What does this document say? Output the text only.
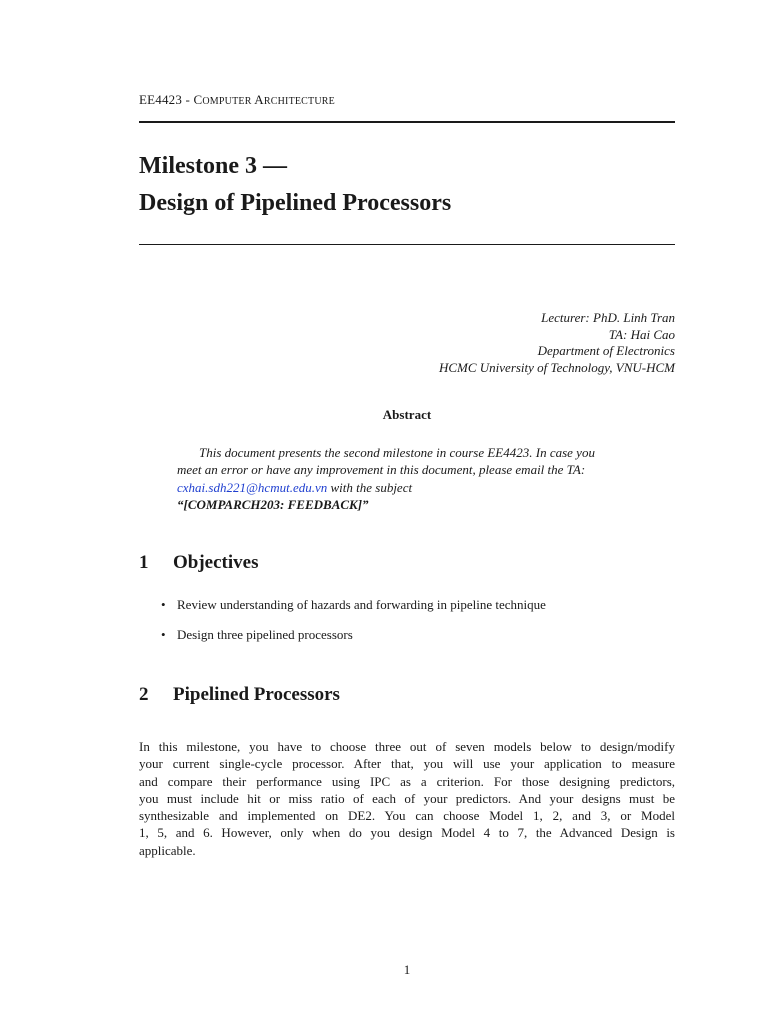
EE4423 - COMPUTER ARCHITECTURE

Milestone 3 —
Design of Pipelined Processors
Lecturer: PhD. Linh Tran
TA: Hai Cao
Department of Electronics
HCMC University of Technology, VNU-HCM

Abstract

This document presents the second milestone in course EE4423. In case you
meet an error or have any improvement in this document, please email the TA:
cxhai.sdh221@hcmut.edu.vn with the subject
“[COMPARCH203: FEEDBACK]”

1 Objectives
• Review understanding of hazards and forwarding in pipeline technique
• Design three pipelined processors
2 Pipelined Processors

In this milestone, you have to choose three out of seven models below to design/modify
your current single-cycle processor. After that, you will use your application to measure
and compare their performance using IPC as a criterion. For those designing predictors,
you must include hit or miss ratio of each of your predictors. And your designs must be
synthesizable and implemented on DE2. You can choose Model 1, 2, and 3, or Model
1, 5, and 6. However, only when do you design Model 4 to 7, the Advanced Design is
applicable.

1
